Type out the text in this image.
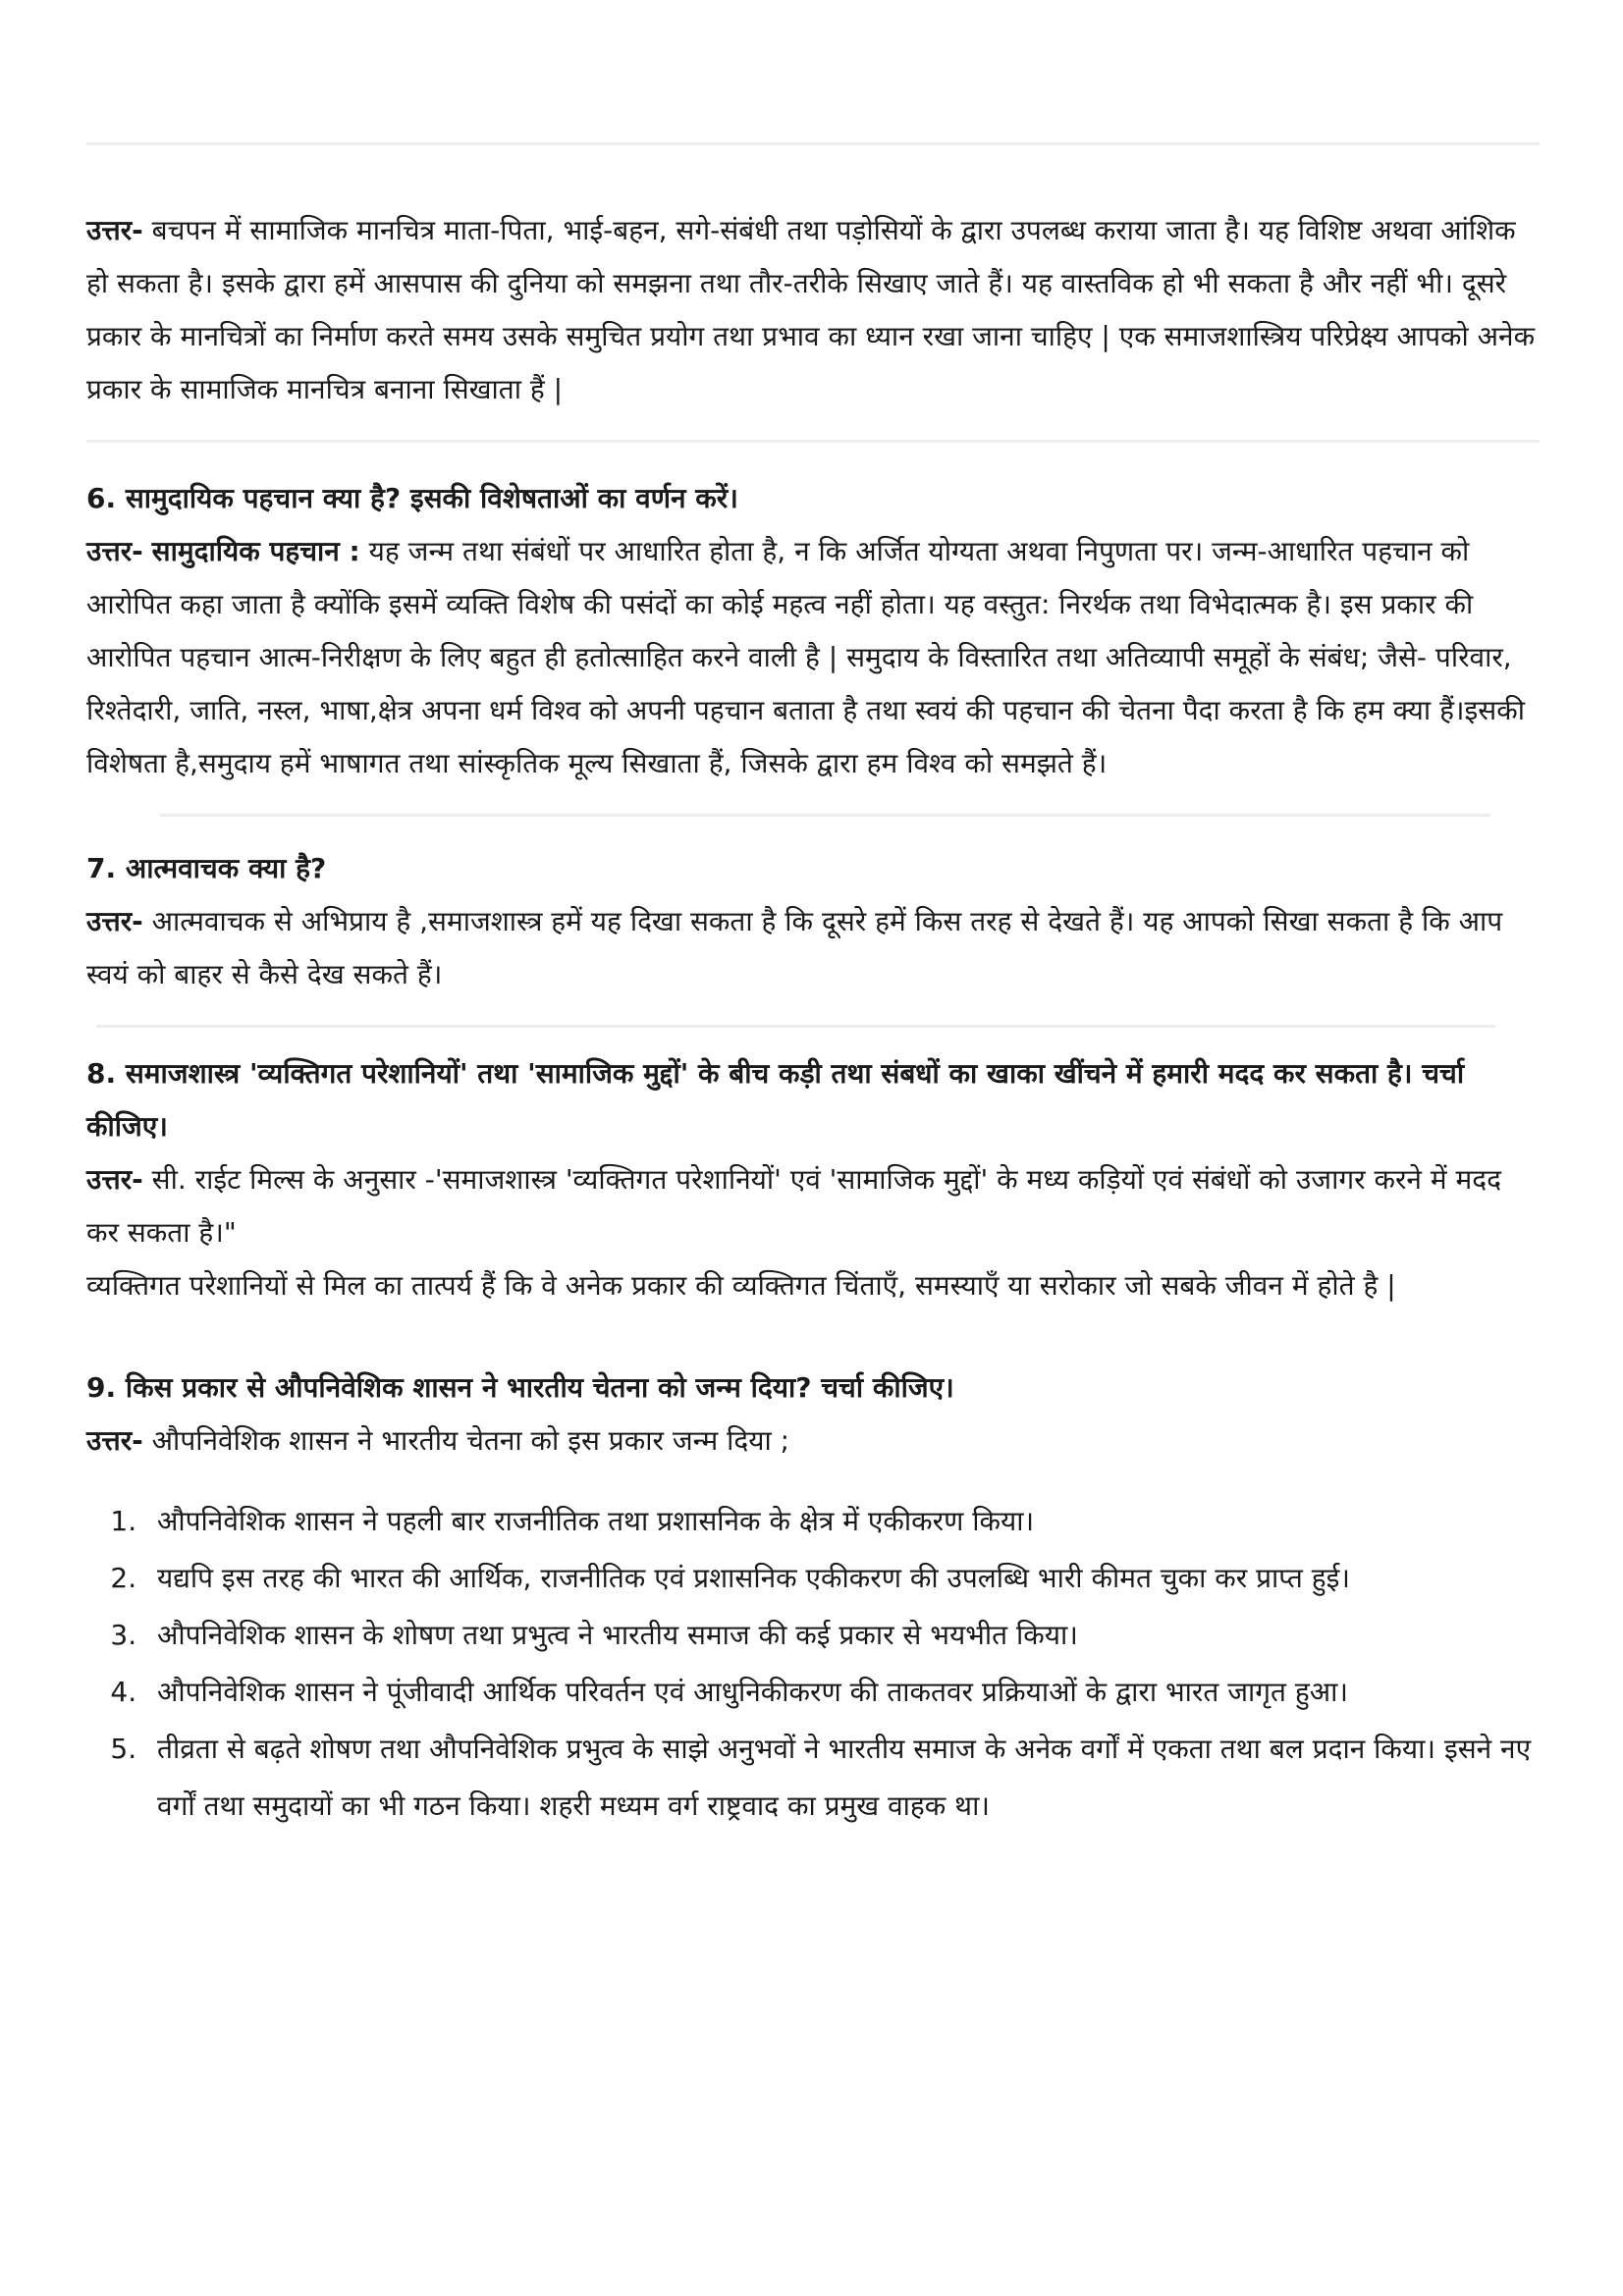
उत्तर- बचपन में सामाजिक मानचित्र माता-पिता, भाई-बहन, सगे-संबंधी तथा पड़ोसियों के द्वारा उपलब्ध कराया जाता है। यह विशिष्ट अथवा आंशिक हो सकता है। इसके द्वारा हमें आसपास की दुनिया को समझना तथा तौर-तरीके सिखाए जाते हैं। यह वास्तविक हो भी सकता है और नहीं भी। दूसरे प्रकार के मानचित्रों का निर्माण करते समय उसके समुचित प्रयोग तथा प्रभाव का ध्यान रखा जाना चाहिए | एक समाजशास्त्रिय परिप्रेक्ष्य आपको अनेक प्रकार के सामाजिक मानचित्र बनाना सिखाता हैं |

6. सामुदायिक पहचान क्या है? इसकी विशेषताओं का वर्णन करें।

उत्तर- सामुदायिक पहचान : यह जन्म तथा संबंधों पर आधारित होता है, न कि अर्जित योग्यता अथवा निपुणता पर। जन्म-आधारित पहचान को आरोपित कहा जाता है क्योंकि इसमें व्यक्ति विशेष की पसंदों का कोई महत्व नहीं होता। यह वस्तुत: निरर्थक तथा विभेदात्मक है। इस प्रकार की आरोपित पहचान आत्म-निरीक्षण के लिए बहुत ही हतोत्साहित करने वाली है | समुदाय के विस्तारित तथा अतिव्यापी समूहों के संबंध; जैसे- परिवार, रिश्तेदारी, जाति, नस्ल, भाषा,क्षेत्र अपना धर्म विश्व को अपनी पहचान बताता है तथा स्वयं की पहचान की चेतना पैदा करता है कि हम क्या हैं।इसकी विशेषता है,समुदाय हमें भाषागत तथा सांस्कृतिक मूल्य सिखाता हैं, जिसके द्वारा हम विश्व को समझते हैं।

7. आत्मवाचक क्या है?

उत्तर- आत्मवाचक से अभिप्राय है ,समाजशास्त्र हमें यह दिखा सकता है कि दूसरे हमें किस तरह से देखते हैं। यह आपको सिखा सकता है कि आप स्वयं को बाहर से कैसे देख सकते हैं।

8. समाजशास्त्र 'व्यक्तिगत परेशानियों' तथा 'सामाजिक मुद्दों' के बीच कड़ी तथा संबधों का खाका खींचने में हमारी मदद कर सकता है। चर्चा कीजिए।

उत्तर- सी. राईट मिल्स के अनुसार -'समाजशास्त्र 'व्यक्तिगत परेशानियों' एवं 'सामाजिक मुद्दों' के मध्य कड़ियों एवं संबंधों को उजागर करने में मदद कर सकता है।"

व्यक्तिगत परेशानियों से मिल का तात्पर्य हैं कि वे अनेक प्रकार की व्यक्तिगत चिंताएँ, समस्याएँ या सरोकार जो सबके जीवन में होते है |

9. किस प्रकार से औपनिवेशिक शासन ने भारतीय चेतना को जन्म दिया? चर्चा कीजिए।

उत्तर- औपनिवेशिक शासन ने भारतीय चेतना को इस प्रकार जन्म दिया ;

1. औपनिवेशिक शासन ने पहली बार राजनीतिक तथा प्रशासनिक के क्षेत्र में एकीकरण किया।
2. यद्यपि इस तरह की भारत की आर्थिक, राजनीतिक एवं प्रशासनिक एकीकरण की उपलब्धि भारी कीमत चुका कर प्राप्त हुई।
3. औपनिवेशिक शासन के शोषण तथा प्रभुत्व ने भारतीय समाज की कई प्रकार से भयभीत किया।
4. औपनिवेशिक शासन ने पूंजीवादी आर्थिक परिवर्तन एवं आधुनिकीकरण की ताकतवर प्रक्रियाओं के द्वारा भारत जागृत हुआ।
5. तीव्रता से बढ़ते शोषण तथा औपनिवेशिक प्रभुत्व के साझे अनुभवों ने भारतीय समाज के अनेक वर्गों में एकता तथा बल प्रदान किया। इसने नए वर्गों तथा समुदायों का भी गठन किया। शहरी मध्यम वर्ग राष्ट्रवाद का प्रमुख वाहक था।
